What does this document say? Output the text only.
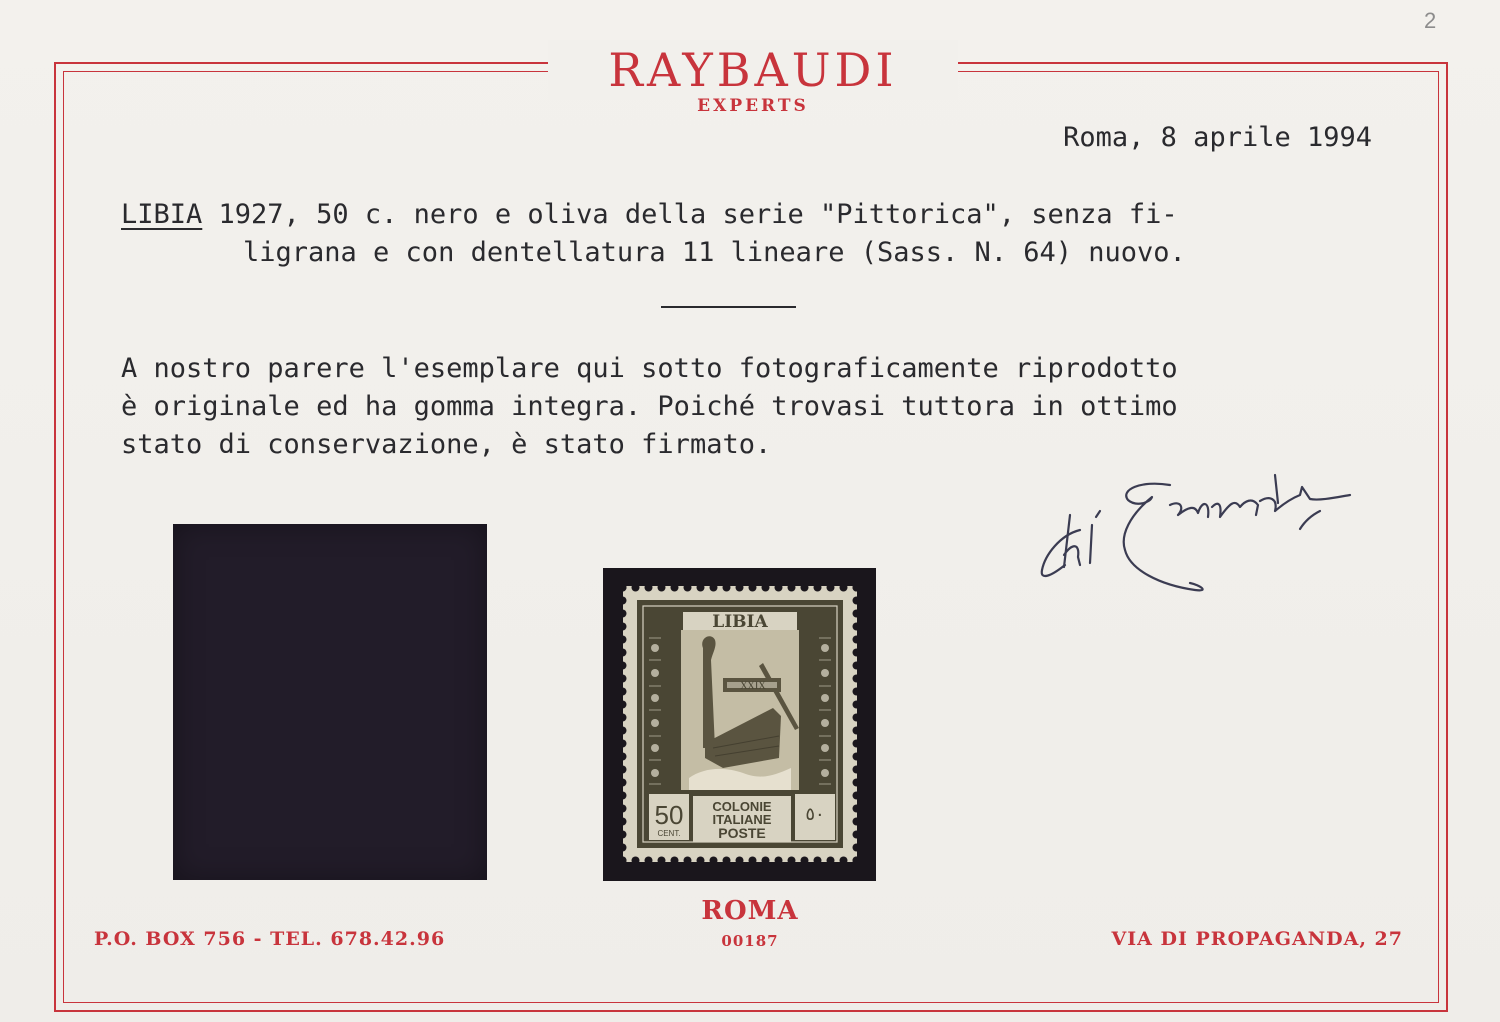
RAYBAUDI
EXPERTS
2
Roma, 8 aprile 1994
LIBIA 1927, 50 c. nero e oliva della serie "Pittorica", senza fi-
ligrana e con dentellatura 11 lineare (Sass. N. 64) nuovo.
A nostro parere l'esemplare qui sotto fotograficamente riprodotto
è originale ed ha gomma integra. Poiché trovasi tuttora in ottimo
stato di conservazione, è stato firmato.
LIBIA
50
CENT.
COLONIE
ITALIANE
POSTE
٥٠
XXIX
P.O. BOX 756 - TEL. 678.42.96
ROMA
00187	VIA DI PROPAGANDA, 27
